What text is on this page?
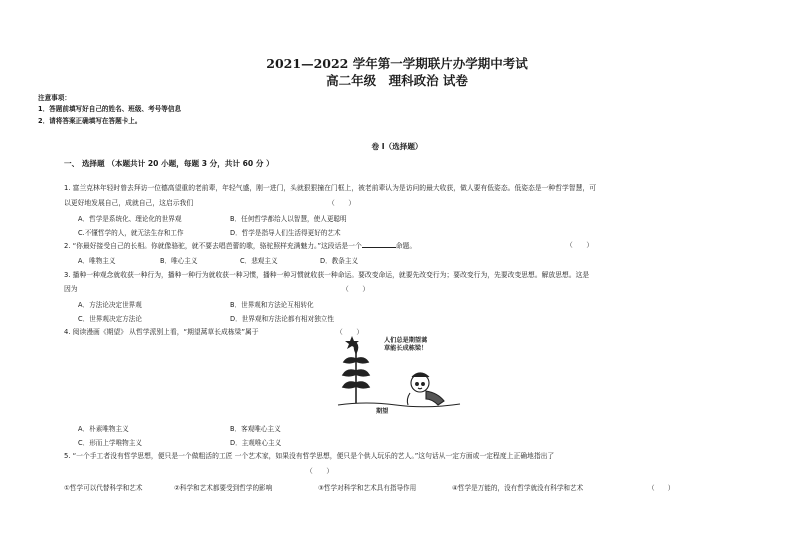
2021—2022 学年第一学期联片办学期中考试
高二年级　理科政治 试卷
注意事项：
1．答题前填写好自己的姓名、班级、考号等信息
2．请将答案正确填写在答题卡上。
卷 I（选择题）
一、 选择题 （本题共计 20 小题，每题 3 分，共计 60 分 ）
1. 富兰克林年轻时曾去拜访一位德高望重的老前辈，年轻气盛，刚一进门，头就狠狠撞在门框上，被老前辈认为是访问的最大收获，做人要有低姿态。低姿态是一种哲学智慧，可
以更好地发展自己，成就自己，这启示我们	（　　）
A．哲学是系统化、理论化的世界观	B．任何哲学都给人以智慧，使人更聪明
C.不懂哲学的人，就无法生存和工作	D．哲学是指导人们生活得更好的艺术
2. “你最好接受自己的长相。你就像骆驼，就不要去唱芭蕾的歌，骆驼照样充满魅力。”这段话是一个	命题。	（　　）
A．唯物主义	B．唯心主义	C．悲观主义	D．教条主义
3. 播种一种观念就收获一种行为，播种一种行为就收获一种习惯，播种一种习惯就收获一种命运。要改变命运，就要先改变行为；要改变行为，先要改变思想。解放思想。这是
因为	（　　）
A．方法论决定世界观	B．世界观和方法论互相转化
C．世界观决定方法论	D．世界观和方法论都有相对独立性
4. 阅读漫画《期望》 从哲学派别上看，“期望蒿草长成栋梁”属于	（　　）
人们总是期望蒿
草能长成栋梁！
期望
A．朴素唯物主义	B．客观唯心主义
C．形而上学唯物主义	D．主观唯心主义
5. “一个手工者没有哲学思想，便只是一个做粗活的工匠 一个艺术家，如果没有哲学思想，便只是个供人玩乐的艺人。”这句话从一定方面或一定程度上正确地指出了
（　　）
①哲学可以代替科学和艺术	②科学和艺术都要受到哲学的影响	③哲学对科学和艺术具有指导作用	④哲学是万能的，没有哲学就没有科学和艺术	（　　）
